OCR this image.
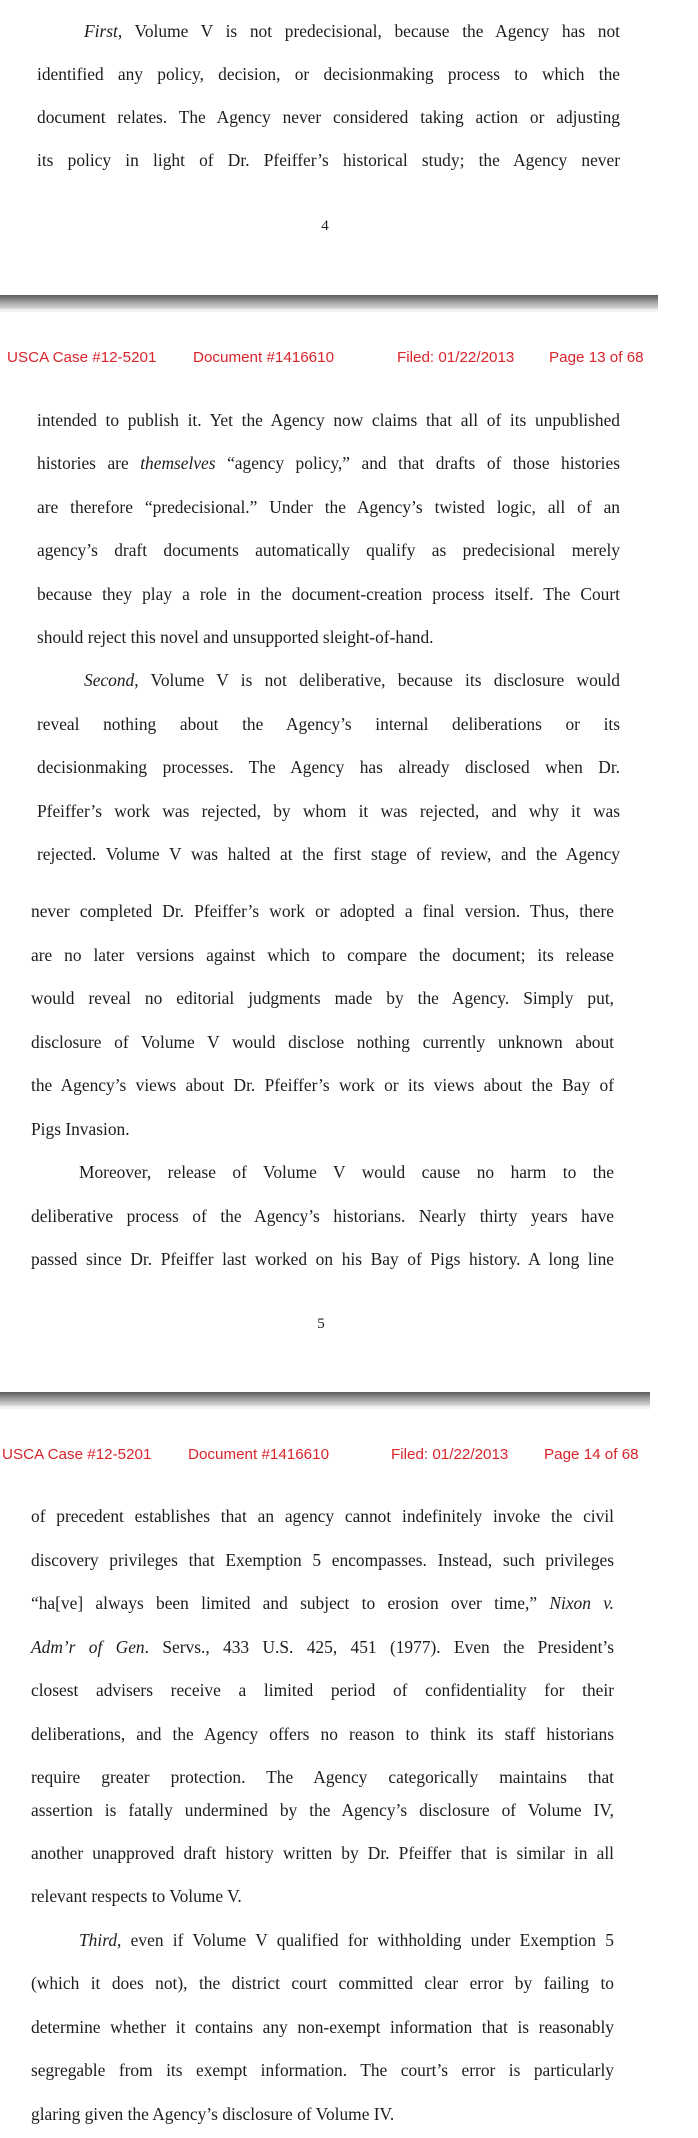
First, Volume V is not predecisional, because the Agency has not
identified any policy, decision, or decisionmaking process to which the
document relates. The Agency never considered taking action or adjusting
its policy in light of Dr. Pfeiffer’s historical study; the Agency never
4
USCA Case #12-5201 Document #1416610	Filed: 01/22/2013 Page 13 of 68
intended to publish it. Yet the Agency now claims that all of its unpublished
histories are themselves “agency policy,” and that drafts of those histories
are therefore “predecisional.” Under the Agency’s twisted logic, all of an
agency’s draft documents automatically qualify as predecisional merely
because they play a role in the document-creation process itself. The Court
should reject this novel and unsupported sleight-of-hand.
Second, Volume V is not deliberative, because its disclosure would
reveal nothing about the Agency’s internal deliberations or its
decisionmaking processes. The Agency has already disclosed when Dr.
Pfeiffer’s work was rejected, by whom it was rejected, and why it was
rejected. Volume V was halted at the first stage of review, and the Agency
never completed Dr. Pfeiffer’s work or adopted a final version. Thus, there
are no later versions against which to compare the document; its release
would reveal no editorial judgments made by the Agency. Simply put,
disclosure of Volume V would disclose nothing currently unknown about
the Agency’s views about Dr. Pfeiffer’s work or its views about the Bay of
Pigs Invasion.
Moreover, release of Volume V would cause no harm to the
deliberative process of the Agency’s historians. Nearly thirty years have
passed since Dr. Pfeiffer last worked on his Bay of Pigs history. A long line
5
USCA Case #12-5201 Document #1416610	Filed: 01/22/2013 Page 14 of 68
of precedent establishes that an agency cannot indefinitely invoke the civil
discovery privileges that Exemption 5 encompasses. Instead, such privileges
“ha[ve] always been limited and subject to erosion over time,” Nixon v.
Adm’r of Gen. Servs., 433 U.S. 425, 451 (1977). Even the President’s
closest advisers receive a limited period of confidentiality for their
deliberations, and the Agency offers no reason to think its staff historians
require greater protection. The Agency categorically maintains that
assertion is fatally undermined by the Agency’s disclosure of Volume IV,
another unapproved draft history written by Dr. Pfeiffer that is similar in all
relevant respects to Volume V.
Third, even if Volume V qualified for withholding under Exemption 5
(which it does not), the district court committed clear error by failing to
determine whether it contains any non-exempt information that is reasonably
segregable from its exempt information. The court’s error is particularly
glaring given the Agency’s disclosure of Volume IV.
